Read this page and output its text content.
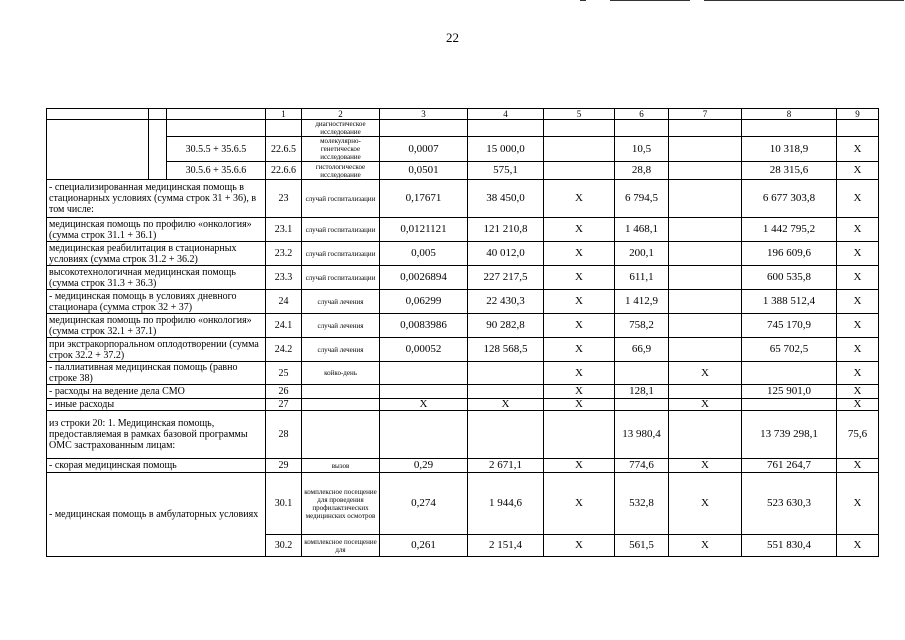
22
			1	2	3	4	5	6	7	8	9
				диагностическое исследование							
		30.5.5 + 35.6.5	22.6.5	молекулярно-генетическое исследование	0,0007	15 000,0		10,5		10 318,9	X
		30.5.6 + 35.6.6	22.6.6	гистологическое исследование	0,0501	575,1		28,8		28 315,6	X
- специализированная медицинская помощь в стационарных условиях (сумма строк 31 + 36), в том числе:			23	случай госпитализации	0,17671	38 450,0	X	6 794,5		6 677 303,8	X
медицинская помощь по профилю «онкология» (сумма строк 31.1 + 36.1)			23.1	случай госпитализации	0,0121121	121 210,8	X	1 468,1		1 442 795,2	X
медицинская реабилитация в стационарных условиях (сумма строк 31.2 + 36.2)			23.2	случай госпитализации	0,005	40 012,0	X	200,1		196 609,6	X
высокотехнологичная медицинская помощь (сумма строк 31.3 + 36.3)			23.3	случай госпитализации	0,0026894	227 217,5	X	611,1		600 535,8	X
- медицинская помощь в условиях дневного стационара (сумма строк 32 + 37)			24	случай лечения	0,06299	22 430,3	X	1 412,9		1 388 512,4	X
медицинская помощь по профилю «онкология» (сумма строк 32.1 + 37.1)			24.1	случай лечения	0,0083986	90 282,8	X	758,2		745 170,9	X
при экстракорпоральном оплодотворении (сумма строк 32.2 + 37.2)			24.2	случай лечения	0,00052	128 568,5	X	66,9		65 702,5	X
- паллиативная медицинская помощь (равно строке 38)			25	койко-день			X		X		X
- расходы на ведение дела СМО			26				X	128,1		125 901,0	X
- иные расходы			27		X	X	X		X		X
из строки 20: 1. Медицинская помощь, предоставляемая в рамках базовой программы ОМС застрахованным лицам:			28					13 980,4		13 739 298,1	75,6
- скорая медицинская помощь			29	вызов	0,29	2 671,1	X	774,6	X	761 264,7	X
- медицинская помощь в амбулаторных условиях			30.1	комплексное посещение для проведения профилактических медицинских осмотров	0,274	1 944,6	X	532,8	X	523 630,3	X
			30.2	комплексное посещение для	0,261	2 151,4	X	561,5	X	551 830,4	X
